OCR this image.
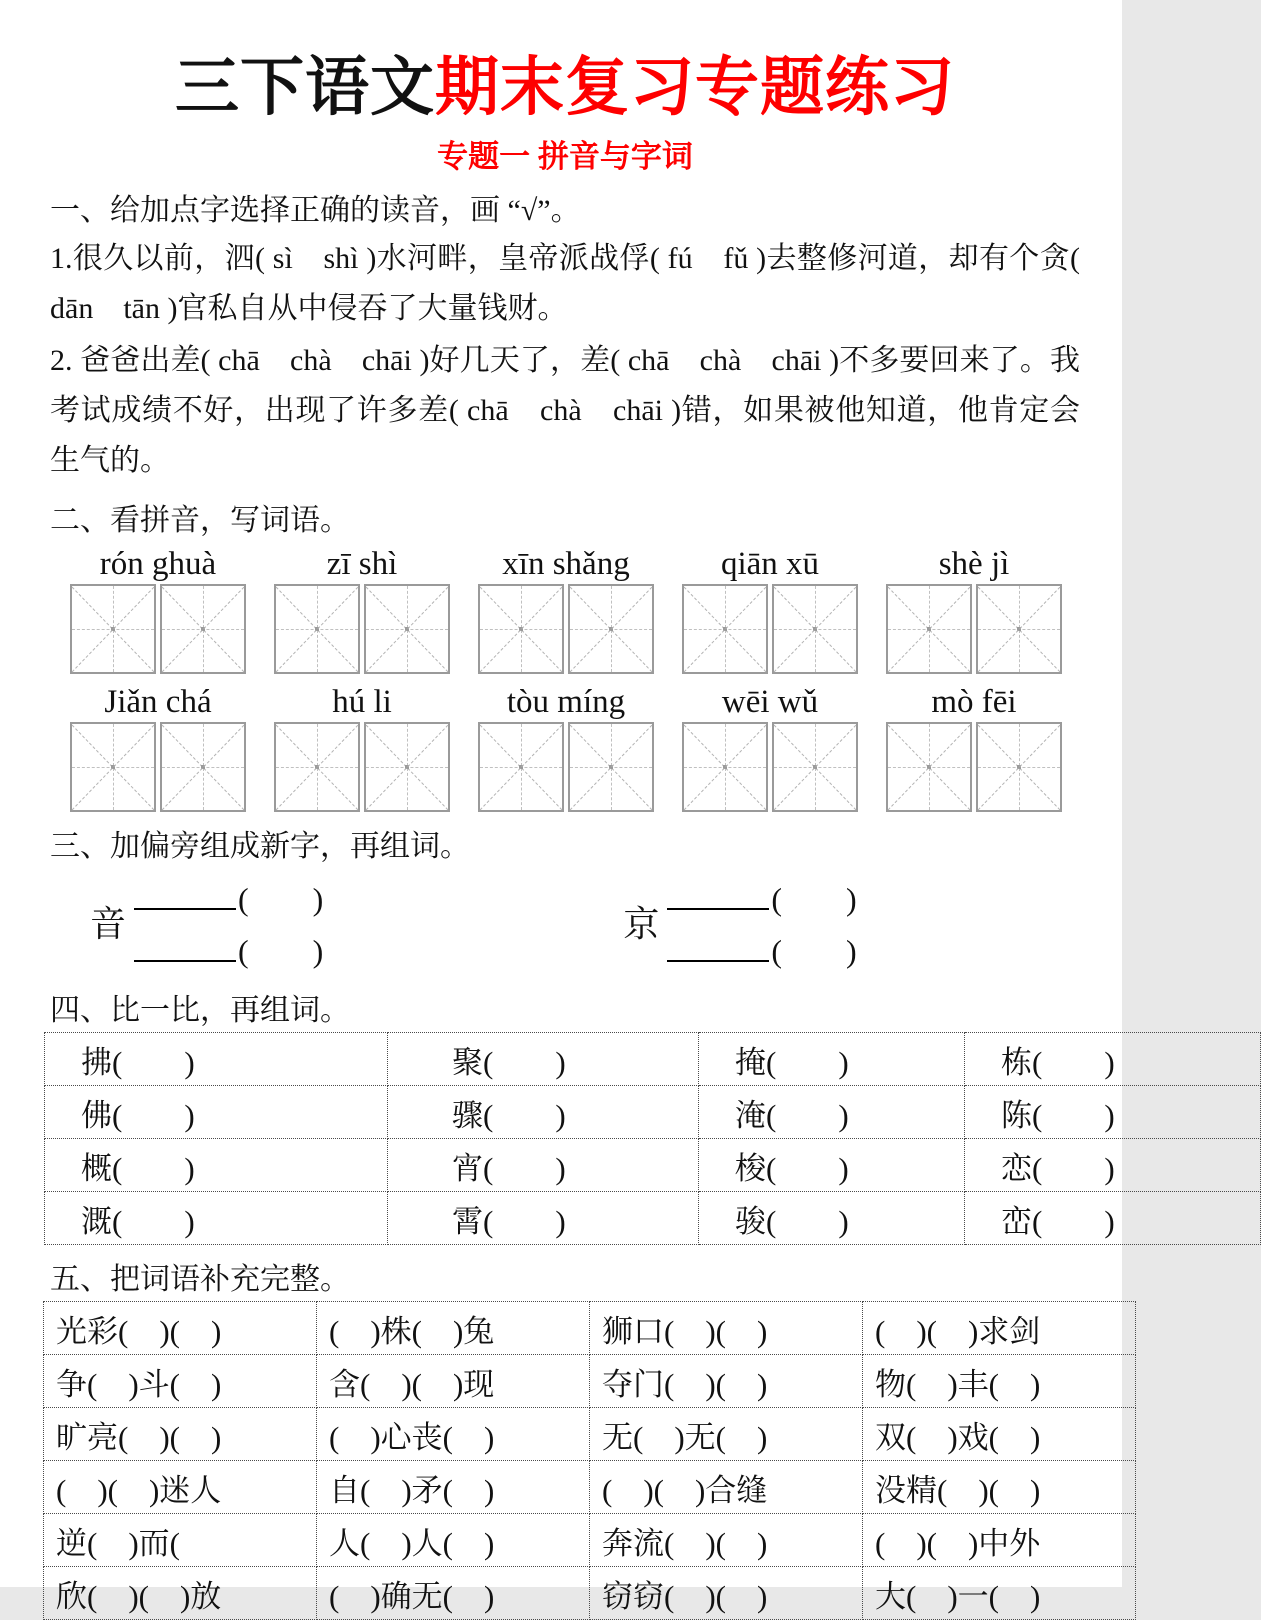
三下语文期末复习专题练习
专题一 拼音与字词
一、给加点字选择正确的读音，画 “√”。

1.很久以前，泗( sì　shì )水河畔，皇帝派战俘( fú　fǔ )去整修河道，却有个贪( dān　tān )官私自从中侵吞了大量钱财。

2. 爸爸出差( chā　chà　chāi )好几天了，差( chā　chà　chāi )不多要回来了。我考试成绩不好，出现了许多差( chā　chà　chāi )错，如果被他知道，他肯定会生气的。

二、看拼音，写词语。
rón ghuà	zī shì	xīn shǎng	qiān xū	shè jì
Jiǎn chá	hú li	tòu míng	wēi wǔ	mò fēi
三、加偏旁组成新字，再组词。
音
(　　)
(　　)
京
(　　)
(　　)
四、比一比，再组词。
拂(　　)	聚(　　)	掩(　　)	栋(　　)
佛(　　)	骤(　　)	淹(　　)	陈(　　)
概(　　)	宵(　　)	梭(　　)	恋(　　)
溉(　　)	霄(　　)	骏(　　)	峦(　　)
五、把词语补充完整。
光彩(　)(　)	(　)株(　)兔	狮口(　)(　)	(　)(　)求剑
争(　)斗(　)	含(　)(　)现	夺门(　)(　)	物(　)丰(　)
旷亮(　)(　)	(　)心丧(　)	无(　)无(　)	双(　)戏(　)
(　)(　)迷人	自(　)矛(　)	(　)(　)合缝	没精(　)(　)
逆(　)而(	人(　)人(　)	奔流(　)(　)	(　)(　)中外
欣(　)(　)放	(　)确无(　)	窃窃(　)(　)	大(　)一(　)
